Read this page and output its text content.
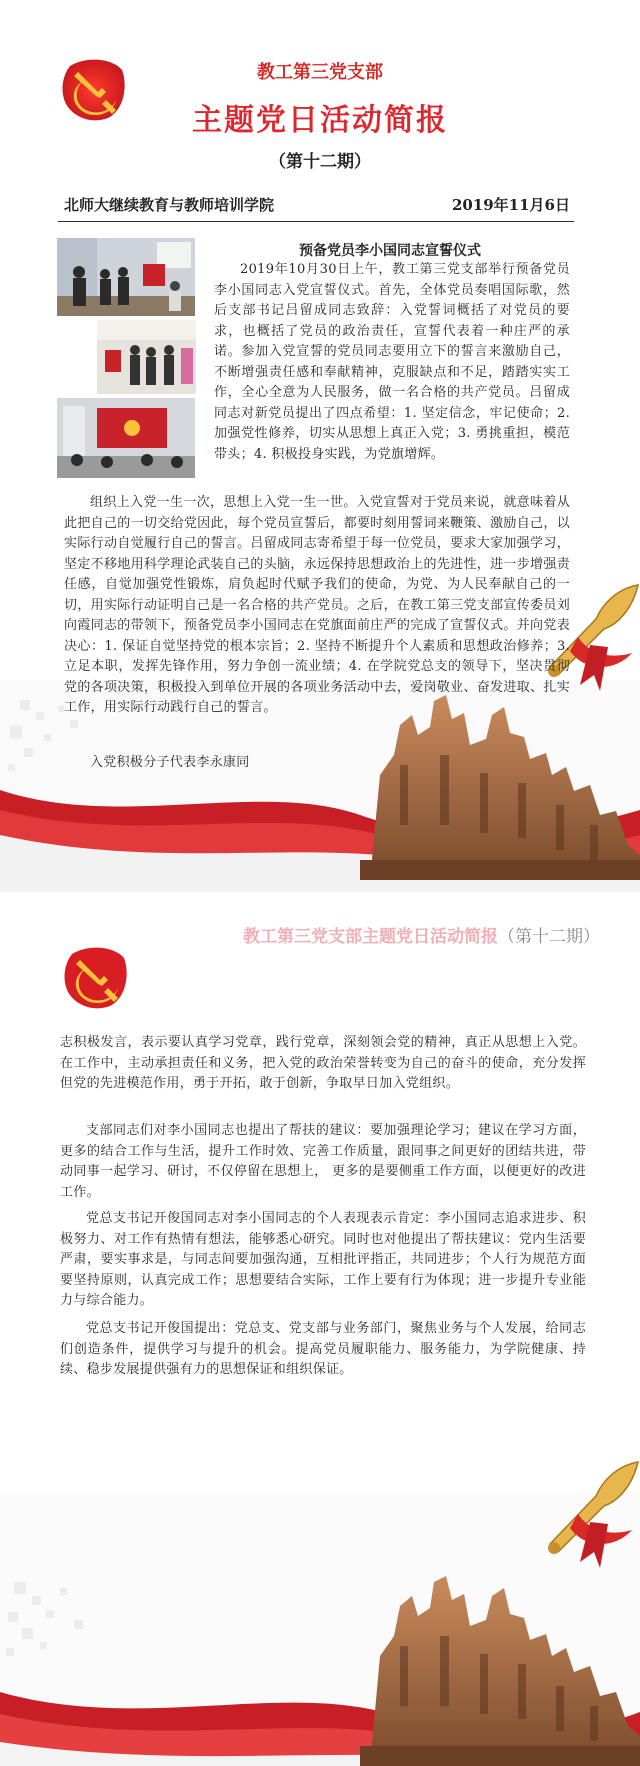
教工第三党支部
主题党日活动简报
（第十二期）
北师大继续教育与教师培训学院	2019年11月6日
预备党员李小国同志宣誓仪式
2019年10月30日上午，教工第三党支部举行预备党员李小国同志入党宣誓仪式。首先，全体党员奏唱国际歌，然后支部书记吕留成同志致辞：入党誓词概括了对党员的要求，也概括了党员的政治责任，宣誓代表着一种庄严的承诺。参加入党宣誓的党员同志要用立下的誓言来激励自己，不断增强责任感和奉献精神，克服缺点和不足，踏踏实实工作，全心全意为人民服务，做一名合格的共产党员。吕留成同志对新党员提出了四点希望：1. 坚定信念，牢记使命；2. 加强党性修养，切实从思想上真正入党；3. 勇挑重担，模范带头；4. 积极投身实践，为党旗增辉。
组织上入党一生一次，思想上入党一生一世。入党宣誓对于党员来说，就意味着从此把自己的一切交给党因此，每个党员宣誓后，都要时刻用誓词来鞭策、激励自己，以实际行动自觉履行自己的誓言。吕留成同志寄希望于每一位党员，要求大家加强学习，坚定不移地用科学理论武装自己的头脑，永远保持思想政治上的先进性，进一步增强责任感，自觉加强党性锻炼，肩负起时代赋予我们的使命，为党、为人民奉献自己的一切，用实际行动证明自己是一名合格的共产党员。之后，在教工第三党支部宣传委员刘向霞同志的带领下，预备党员李小国同志在党旗面前庄严的完成了宣誓仪式。并向党表决心：1. 保证自觉坚持党的根本宗旨；2. 坚持不断提升个人素质和思想政治修养；3. 立足本职，发挥先锋作用，努力争创一流业绩；4. 在学院党总支的领导下，坚决贯彻党的各项决策，积极投入到单位开展的各项业务活动中去，爱岗敬业、奋发进取、扎实工作，用实际行动践行自己的誓言。
入党积极分子代表李永康同
教工第三党支部主题党日活动简报（第十二期）
志积极发言，表示要认真学习党章，践行党章，深刻领会党的精神，真正从思想上入党。在工作中，主动承担责任和义务，把入党的政治荣誉转变为自己的奋斗的使命，充分发挥但党的先进模范作用，勇于开拓，敢于创新，争取早日加入党组织。
支部同志们对李小国同志也提出了帮扶的建议：要加强理论学习；建议在学习方面，更多的结合工作与生活，提升工作时效、完善工作质量，跟同事之间更好的团结共进，带动同事一起学习、研讨，不仅停留在思想上， 更多的是要侧重工作方面，以便更好的改进工作。
党总支书记开俊国同志对李小国同志的个人表现表示肯定：李小国同志追求进步、积极努力、对工作有热情有想法，能够悉心研究。同时也对他提出了帮扶建议：党内生活要严肃，要实事求是，与同志间要加强沟通，互相批评指正，共同进步；个人行为规范方面要坚持原则，认真完成工作；思想要结合实际，工作上要有行为体现；进一步提升专业能力与综合能力。
党总支书记开俊国提出：党总支、党支部与业务部门，聚焦业务与个人发展，给同志们创造条件，提供学习与提升的机会。提高党员履职能力、服务能力，为学院健康、持续、稳步发展提供强有力的思想保证和组织保证。
